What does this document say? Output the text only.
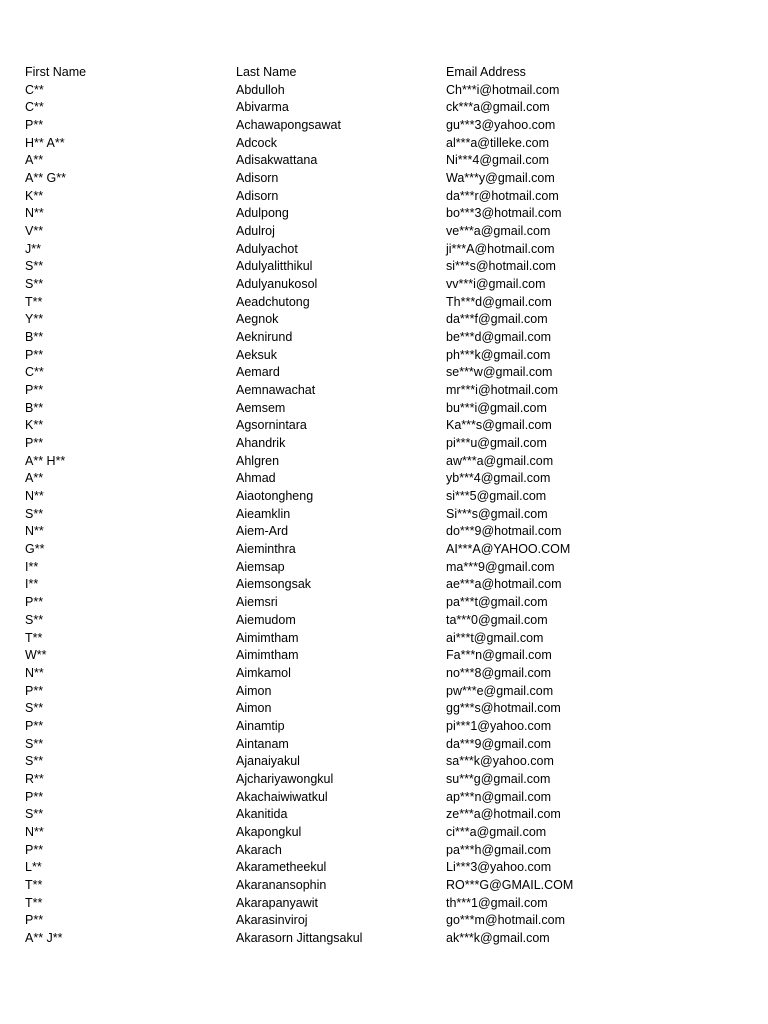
First Name	Last Name	Email Address
C**	Abdulloh	Ch***i@hotmail.com
C**	Abivarma	ck***a@gmail.com
P**	Achawapongsawat	gu***3@yahoo.com
H** A**	Adcock	al***a@tilleke.com
A**	Adisakwattana	Ni***4@gmail.com
A** G**	Adisorn	Wa***y@gmail.com
K**	Adisorn	da***r@hotmail.com
N**	Adulpong	bo***3@hotmail.com
V**	Adulroj	ve***a@gmail.com
J**	Adulyachot	ji***A@hotmail.com
S**	Adulyalitthikul	si***s@hotmail.com
S**	Adulyanukosol	vv***i@gmail.com
T**	Aeadchutong	Th***d@gmail.com
Y**	Aegnok	da***f@gmail.com
B**	Aeknirund	be***d@gmail.com
P**	Aeksuk	ph***k@gmail.com
C**	Aemard	se***w@gmail.com
P**	Aemnawachat	mr***i@hotmail.com
B**	Aemsem	bu***i@gmail.com
K**	Agsornintara	Ka***s@gmail.com
P**	Ahandrik	pi***u@gmail.com
A** H**	Ahlgren	aw***a@gmail.com
A**	Ahmad	yb***4@gmail.com
N**	Aiaotongheng	si***5@gmail.com
S**	Aieamklin	Si***s@gmail.com
N**	Aiem-Ard	do***9@hotmail.com
G**	Aieminthra	AI***A@YAHOO.COM
I**	Aiemsap	ma***9@gmail.com
I**	Aiemsongsak	ae***a@hotmail.com
P**	Aiemsri	pa***t@gmail.com
S**	Aiemudom	ta***0@gmail.com
T**	Aimimtham	ai***t@gmail.com
W**	Aimimtham	Fa***n@gmail.com
N**	Aimkamol	no***8@gmail.com
P**	Aimon	pw***e@gmail.com
S**	Aimon	gg***s@hotmail.com
P**	Ainamtip	pi***1@yahoo.com
S**	Aintanam	da***9@gmail.com
S**	Ajanaiyakul	sa***k@yahoo.com
R**	Ajchariyawongkul	su***g@gmail.com
P**	Akachaiwiwatkul	ap***n@gmail.com
S**	Akanitida	ze***a@hotmail.com
N**	Akapongkul	ci***a@gmail.com
P**	Akarach	pa***h@gmail.com
L**	Akarametheekul	Li***3@yahoo.com
T**	Akaranansophin	RO***G@GMAIL.COM
T**	Akarapanyawit	th***1@gmail.com
P**	Akarasinviroj	go***m@hotmail.com
A** J**	Akarasorn Jittangsakul	ak***k@gmail.com
